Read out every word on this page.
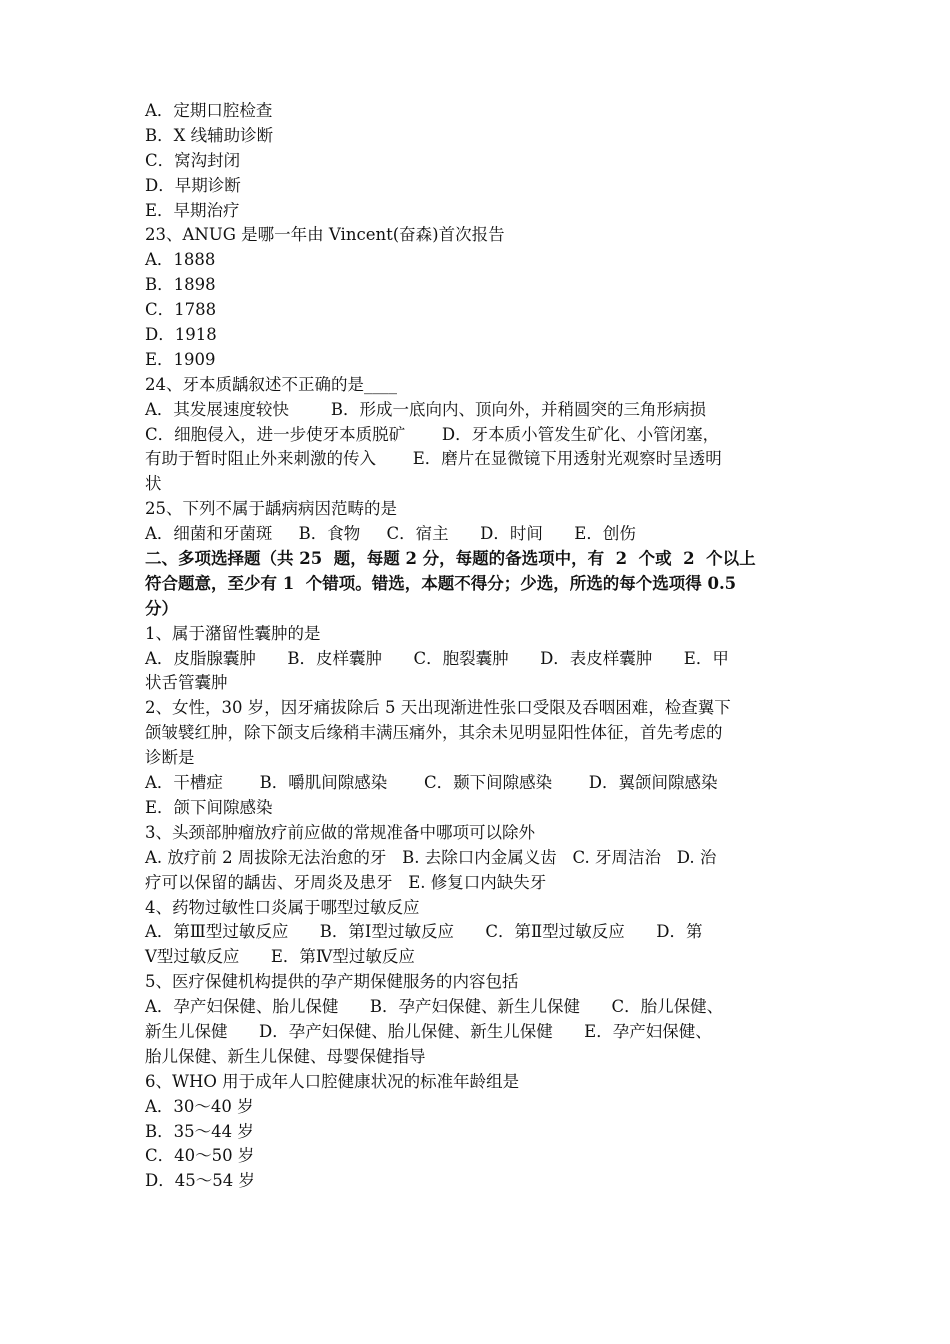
A．定期口腔检查
B．X 线辅助诊断
C．窝沟封闭
D．早期诊断
E．早期治疗
23、ANUG 是哪一年由 Vincent(奋森)首次报告
A．1888
B．1898
C．1788
D．1918
E．1909
24、牙本质龋叙述不正确的是____
A．其发展速度较快        B．形成一底向内、顶向外，并稍圆突的三角形病损
C．细胞侵入，进一步使牙本质脱矿       D．牙本质小管发生矿化、小管闭塞，
有助于暂时阻止外来刺激的传入       E．磨片在显微镜下用透射光观察时呈透明
状
25、下列不属于龋病病因范畴的是
A．细菌和牙菌斑     B．食物     C．宿主      D．时间      E．创伤
二、多项选择题（共 25  题，每题 2 分，每题的备选项中，有  2  个或  2  个以上
符合题意，至少有 1  个错项。错选，本题不得分；少选，所选的每个选项得 0.5
分）
1、属于潴留性囊肿的是
A．皮脂腺囊肿      B．皮样囊肿      C．胞裂囊肿      D．表皮样囊肿      E．甲
状舌管囊肿
2、女性，30 岁，因牙痛拔除后 5 天出现渐进性张口受限及吞咽困难，检查翼下
颌皱襞红肿，除下颌支后缘稍丰满压痛外，其余未见明显阳性体征，首先考虑的
诊断是
A．干槽症       B．嚼肌间隙感染       C．颞下间隙感染       D．翼颌间隙感染
E．颌下间隙感染
3、头颈部肿瘤放疗前应做的常规准备中哪项可以除外
A. 放疗前 2 周拔除无法治愈的牙   B. 去除口内金属义齿   C. 牙周洁治   D. 治
疗可以保留的龋齿、牙周炎及患牙   E. 修复口内缺失牙
4、药物过敏性口炎属于哪型过敏反应
A．第Ⅲ型过敏反应      B．第Ⅰ型过敏反应      C．第Ⅱ型过敏反应      D．第
Ⅴ型过敏反应      E．第Ⅳ型过敏反应
5、医疗保健机构提供的孕产期保健服务的内容包括
A．孕产妇保健、胎儿保健      B．孕产妇保健、新生儿保健      C．胎儿保健、
新生儿保健      D．孕产妇保健、胎儿保健、新生儿保健      E．孕产妇保健、
胎儿保健、新生儿保健、母婴保健指导
6、WHO 用于成年人口腔健康状况的标准年龄组是
A．30～40 岁
B．35～44 岁
C．40～50 岁
D．45～54 岁
